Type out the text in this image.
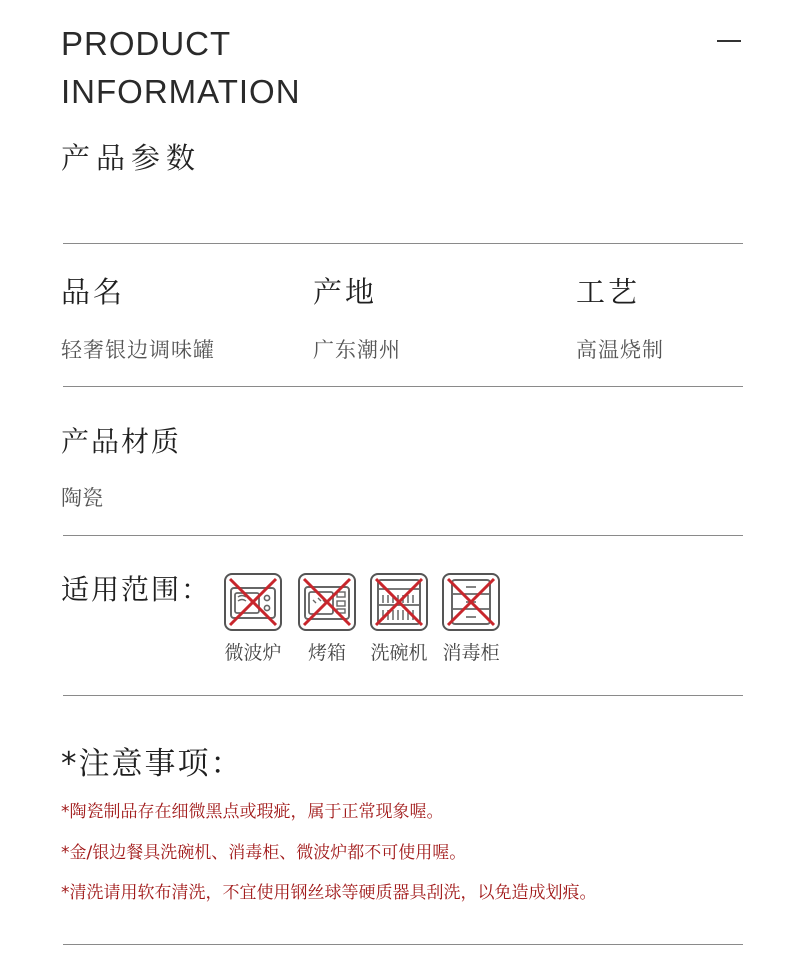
PRODUCT
INFORMATION
产品参数
品名	产地	工艺
轻奢银边调味罐	广东潮州	高温烧制
产品材质
陶瓷
适用范围：
微波炉	烤箱	洗碗机 消毒柜
*注意事项：
*陶瓷制品存在细微黑点或瑕疵，属于正常现象喔。
*金/银边餐具洗碗机、消毒柜、微波炉都不可使用喔。
*清洗请用软布清洗，不宜使用钢丝球等硬质器具刮洗，以免造成划痕。
